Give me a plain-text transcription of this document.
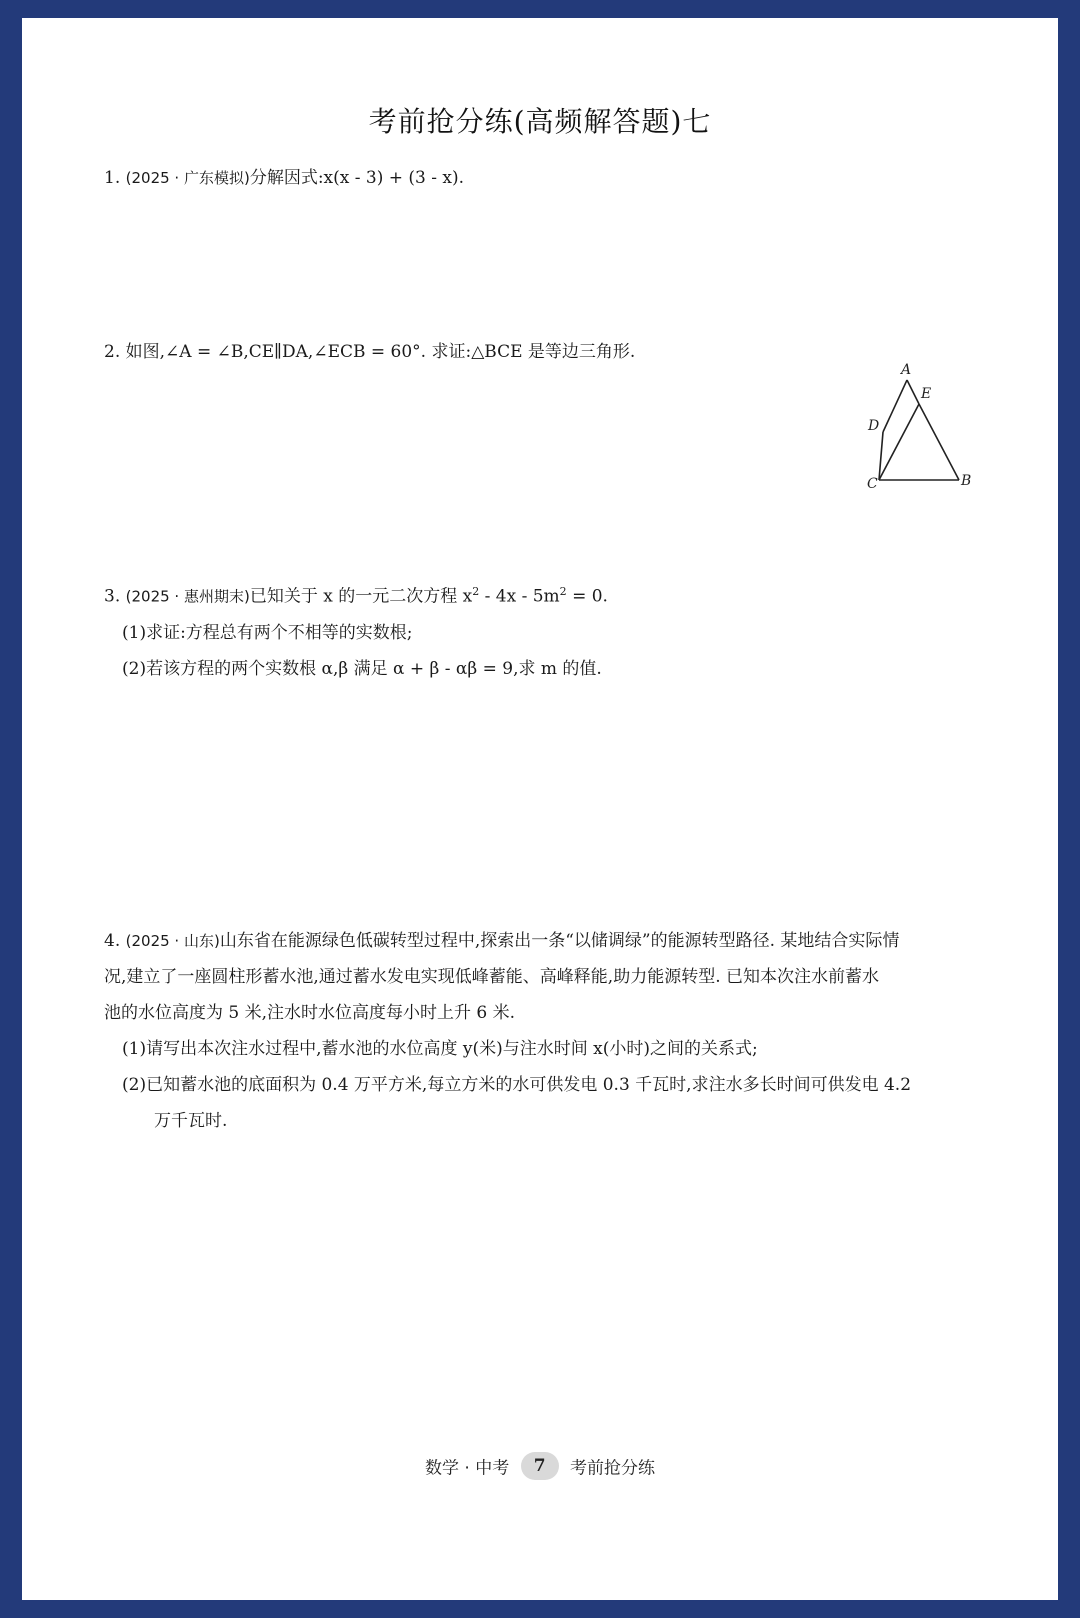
考前抢分练(高频解答题)七
1. (2025 · 广东模拟)分解因式:x(x - 3) + (3 - x).
2. 如图,∠A = ∠B,CE∥DA,∠ECB = 60°. 求证:△BCE 是等边三角形.
A
E
D
C	B
3. (2025 · 惠州期末)已知关于 x 的一元二次方程 $x^2 - 4x - 5m^2 = 0$.
(1)求证:方程总有两个不相等的实数根;
(2)若该方程的两个实数根 α,β 满足 α + β - αβ = 9,求 m 的值.
4. (2025 · 山东)山东省在能源绿色低碳转型过程中,探索出一条“以储调绿”的能源转型路径. 某地结合实际情
况,建立了一座圆柱形蓄水池,通过蓄水发电实现低峰蓄能、高峰释能,助力能源转型. 已知本次注水前蓄水
池的水位高度为 5 米,注水时水位高度每小时上升 6 米.
(1)请写出本次注水过程中,蓄水池的水位高度 y(米)与注水时间 x(小时)之间的关系式;
(2)已知蓄水池的底面积为 0.4 万平方米,每立方米的水可供发电 0.3 千瓦时,求注水多长时间可供发电 4.2
万千瓦时.
数学 · 中考 7 考前抢分练
